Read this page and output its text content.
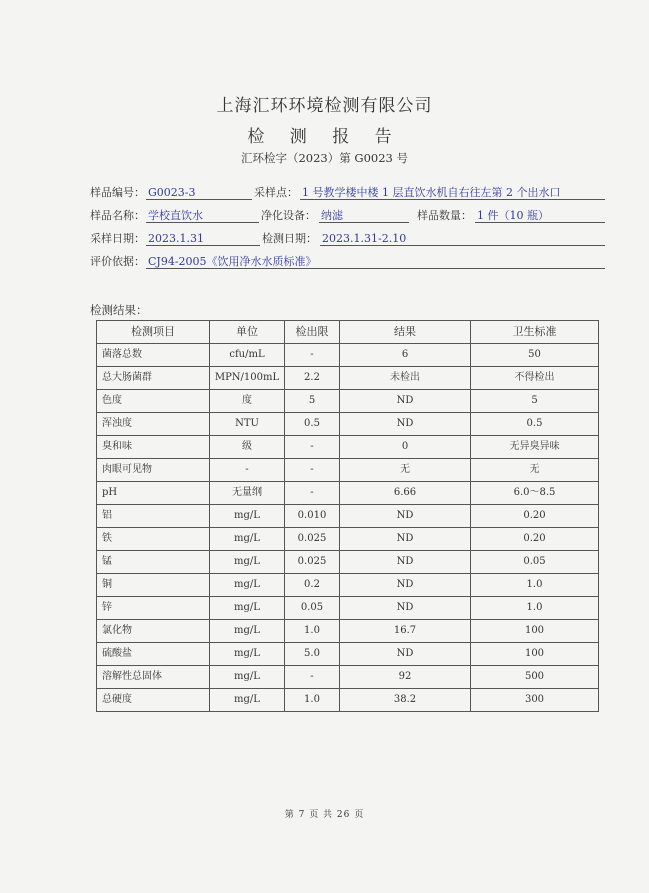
上海汇环环境检测有限公司
检 测 报 告
汇环检字（2023）第 G0023 号
样品编号： G0023-3	采样点： 1 号教学楼中楼 1 层直饮水机自右往左第 2 个出水口
样品名称： 学校直饮水	净化设备： 纳滤	样品数量： 1 件（10 瓶）
采样日期： 2023.1.31	检测日期： 2023.1.31-2.10
评价依据： CJ94-2005《饮用净水水质标准》
检测结果：
检测项目	单位	检出限	结果	卫生标准
菌落总数	cfu/mL	-	6	50
总大肠菌群	MPN/100mL	2.2	未检出	不得检出
色度	度	5	ND	5
浑浊度	NTU	0.5	ND	0.5
臭和味	级	-	0	无异臭异味
肉眼可见物	-	-	无	无
pH	无量纲	-	6.66	6.0～8.5
铝	mg/L	0.010	ND	0.20
铁	mg/L	0.025	ND	0.20
锰	mg/L	0.025	ND	0.05
铜	mg/L	0.2	ND	1.0
锌	mg/L	0.05	ND	1.0
氯化物	mg/L	1.0	16.7	100
硫酸盐	mg/L	5.0	ND	100
溶解性总固体	mg/L	-	92	500
总硬度	mg/L	1.0	38.2	300
第 7 页 共 26 页
